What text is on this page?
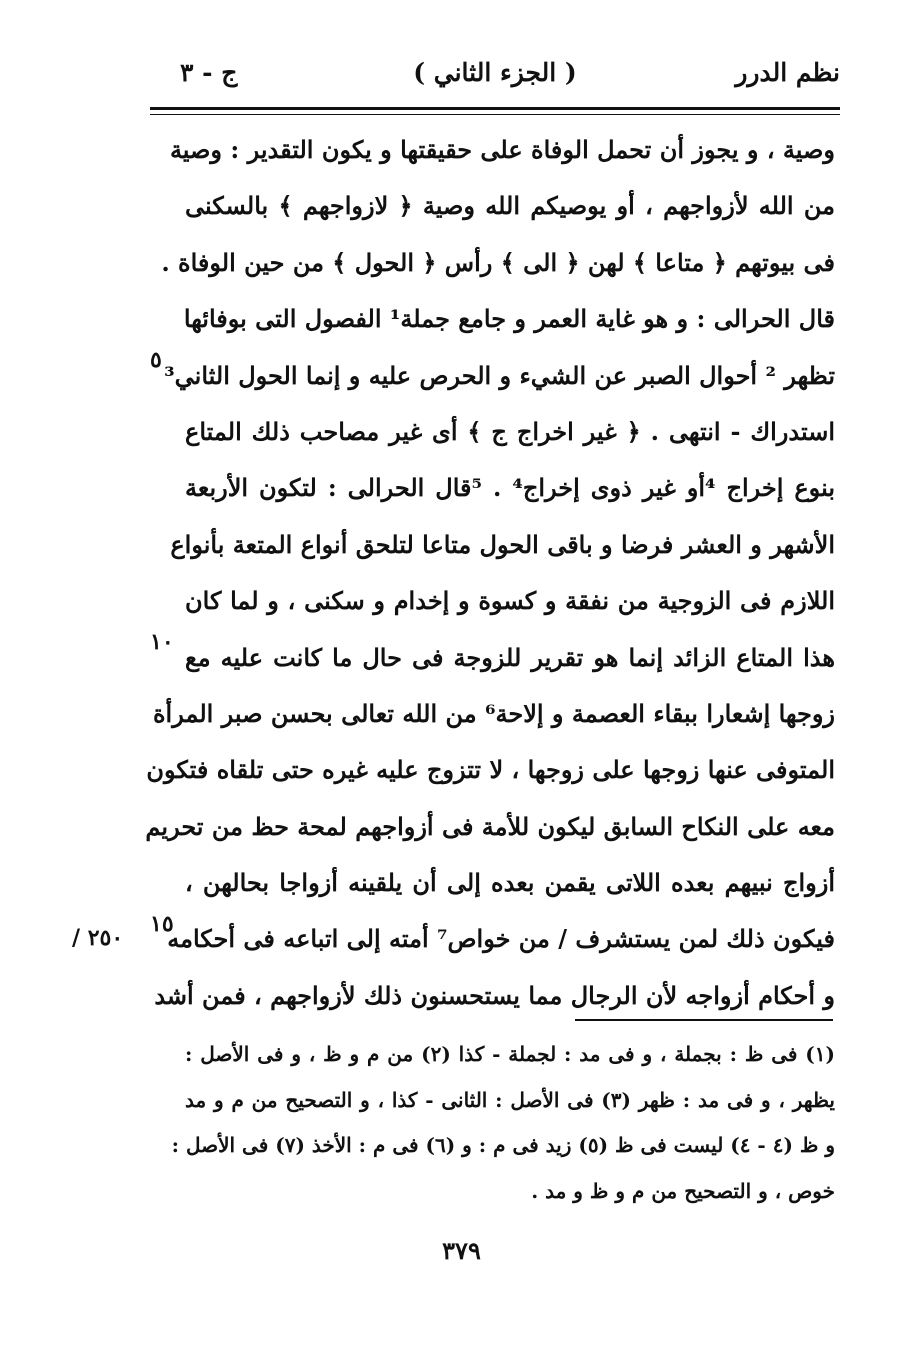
نظم الدرر
( الجزء الثاني )
ج - ٣
وصية ، و يجوز أن تحمل الوفاة على حقيقتها و يكون التقدير : وصية
من الله لأزواجهم ، أو يوصيكم الله وصية ﴿ لازواجهم ﴾ بالسكنى
فى بيوتهم ﴿ متاعا ﴾ لهن ﴿ الى ﴾ رأس ﴿ الحول ﴾ من حين الوفاة .
قال الحرالى : و هو غاية العمر و جامع جملة¹ الفصول التى بوفائها
تظهر ² أحوال الصبر عن الشيء و الحرص عليه و إنما الحول الثاني³
استدراك - انتهى . ﴿ غير اخراج ج ﴾ أى غير مصاحب ذلك المتاع
بنوع إخراج ⁴أو غير ذوى إخراج⁴ . ⁵قال الحرالى : لتكون الأربعة
الأشهر و العشر فرضا و باقى الحول متاعا لتلحق أنواع المتعة بأنواع
اللازم فى الزوجية من نفقة و كسوة و إخدام و سكنى ، و لما كان
هذا المتاع الزائد إنما هو تقرير للزوجة فى حال ما كانت عليه مع
زوجها إشعارا ببقاء العصمة و إلاحة⁶ من الله تعالى بحسن صبر المرأة
المتوفى عنها زوجها على زوجها ، لا تتزوج عليه غيره حتى تلقاه فتكون
معه على النكاح السابق ليكون للأمة فى أزواجهم لمحة حظ من تحريم
أزواج نبيهم بعده اللاتى يقمن بعده إلى أن يلقينه أزواجا بحالهن ،
فيكون ذلك لمن يستشرف / من خواص⁷ أمته إلى اتباعه فى أحكامه
و أحكام أزواجه لأن الرجال مما يستحسنون ذلك لأزواجهم ، فمن أشد
٥
١٠
١٥
٢٥٠ /
(١) فى ظ : بجملة ، و فى مد : لجملة - كذا (٢) من م و ظ ، و فى الأصل :
يظهر ، و فى مد : ظهر (٣) فى الأصل : الثانى - كذا ، و التصحيح من م و مد
و ظ (٤ - ٤) ليست فى ظ (٥) زيد فى م : و (٦) فى م : الأخذ (٧) فى الأصل :
خوص ، و التصحيح من م و ظ و مد .
٣٧٩
